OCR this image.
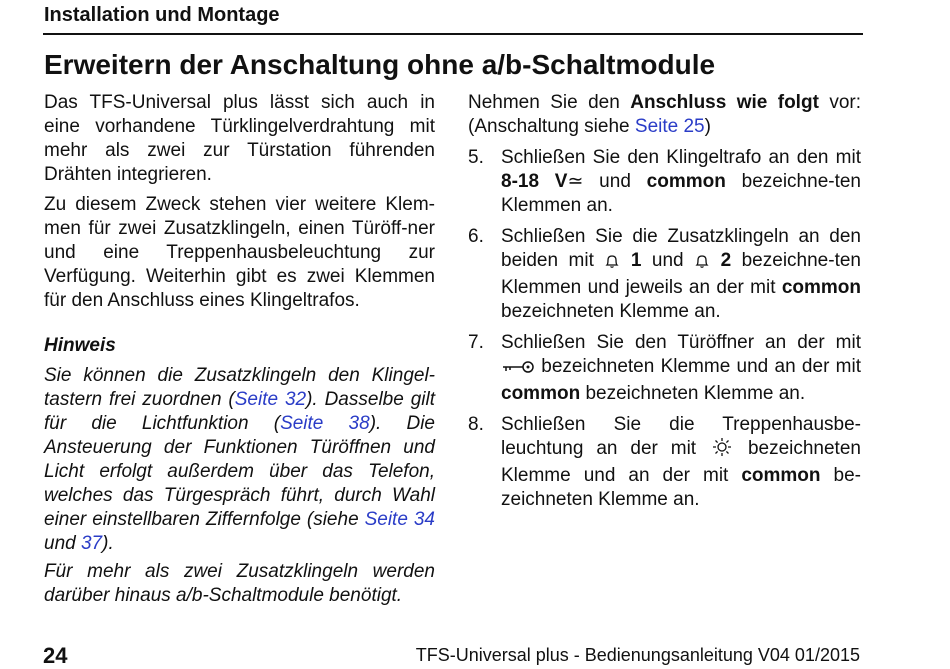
Installation und Montage
Erweitern der Anschaltung ohne a/b-Schaltmodule

Das TFS-Universal plus lässt sich auch in eine vorhandene Türklingelverdrahtung mit mehr als zwei zur Türstation führenden Drähten integrieren.

Zu diesem Zweck stehen vier weitere Klem-men für zwei Zusatzklingeln, einen Türöff-ner und eine Treppenhausbeleuchtung zur Verfügung. Weiterhin gibt es zwei Klemmen für den Anschluss eines Klingeltrafos.

Hinweis

Sie können die Zusatzklingeln den Klingel-tastern frei zuordnen (Seite 32). Dasselbe gilt für die Lichtfunktion (Seite 38). Die Ansteuerung der Funktionen Türöffnen und Licht erfolgt außerdem über das Telefon, welches das Türgespräch führt, durch Wahl einer einstellbaren Ziffernfolge (siehe Seite 34 und 37).

Für mehr als zwei Zusatzklingeln werden darüber hinaus a/b-Schaltmodule benötigt.

Nehmen Sie den Anschluss wie folgt vor: (Anschaltung siehe Seite 25)

5. Schließen Sie den Klingeltrafo an den mit 8-18 V≃ und common bezeichne-ten Klemmen an.
6. Schließen Sie die Zusatzklingeln an den beiden mit  1 und  2 bezeichne-ten Klemmen und jeweils an der mit common bezeichneten Klemme an.
7. Schließen Sie den Türöffner an der mit  bezeichneten Klemme und an der mit common bezeichneten Klemme an.
8. Schließen Sie die Treppenhausbe-leuchtung an der mit  bezeichneten Klemme und an der mit common be-zeichneten Klemme an.
24	TFS-Universal plus - Bedienungsanleitung V04 01/2015
